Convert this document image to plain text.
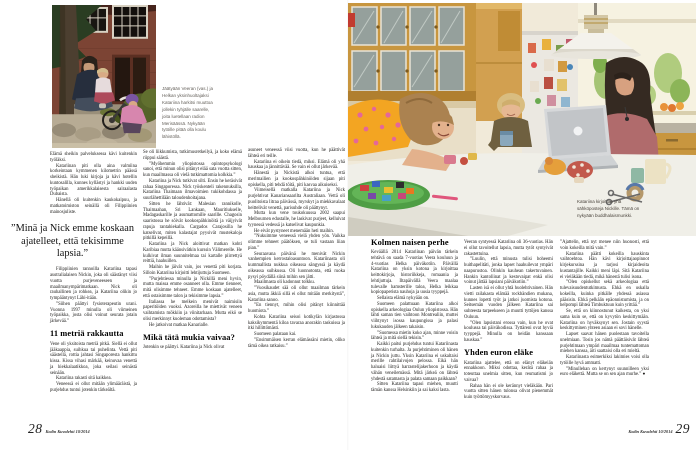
Jäätyään Veeran (vas.) ja Helkan yksinhuoltajaksi Katariina harkitsi muuttoa jollekin tyhjälle saarelle, joita luetellaan radion Merisäässä. Nykyään tytöille pitää olla koulu lähistöllä.

Elämä sheikin palveluksessa kävi kuitenkin työläksi.

Katariinan piti olla aina valmiina korkeintaan kymmenen kilometrin päässä sheikistä. Hän luki kirjoja ja kävi hotellin kuntosalilla, kunnes kyllästyi ja hankki uuden työpaikan amerikkalaisesta sairaalasta Dubaista.

Hänellä oli kuitenkin kaukokaipuu, ja matkatoimiston seinällä oli Filippiinien mainosjuliste.

”Minä ja Nick emme koskaan ajatelleet, että tekisimme lapsia.”

Filippiinien rannoilla Katariina tapasi australialaisen Nickin, joka oli säästänyt viisi vuotta purjeveneeseen ja maailmanympärimatkaan. Nick oli rauhallinen ja rohkea, ja Katariina olikin jo tympääntynyt Lähi-itään.

”Siihen päättyi fysioterapeutin urani. Vuonna 1997 minulla oli viimeinen työpaikka, josta olisi voinut seurata jotain järkevää.”

11 metriä rakkautta

Vene oli yksitoista metriä pitkä. Siellä ei ollut jääkaappia, suihkua tai puhelinta. Vettä piti säästellä, rottia jahtasi Singaporesta hankittu kissa. Kissa vihasi märkää, keinuvaa venettä ja hiekkalaatikkoa, joka seilasi seinästä seinään.

Katariina rakasti sitä kaikkea.

Veneessä ei ollut mitään ylimääräistä, ja purjehdus tuntui jotenkin tärkeältä.

Se oli liikkumista, tutkimusretkeilyä, ja koko elämä riippui säästä.

”Myöhemmin yliopistossa opintopsykologi sanoi, että minun olisi pitänyt elää sata vuotta sitten, kun maailmassa oli vielä tutkimattomia kolkkia.”

Katariina ja Nick tutkivat silti. Ensin he keräsivät rahaa Singaporessa. Nick työskenteli rakennuksilla, Katariina Thaimaan ilmavoimien tukikohdassa ja suurlähettilään taloudenhoitajana.

Sitten he lähtivät: Malesian rannikolle, Thaimaahan, Sri Lankaan, Mauritiukselle, Madagaskarille ja asumattomille saarille. Chagosin saaristossa he söivät kookospähkinöitä ja väijyivät rapuja rantahiekalla. Cargados Carajosilla he katselivat, miten kalastajat pyysivät mustekaloja pitkillä kepeillä.

Katariina ja Nick aloittivat matkan kohti Karibiaa mutta käänsivätkin kurssin Välimerelle. He kulkivat ilman suunnitelmaa tai kartalle piirrettyä reittiä, haahuillen.

Maihin he jäivät vain, jos venettä piti korjata. Silloin Katariina kirjoitti lehtijuttuja Suomeen.

”Purjehtiessa minulla ja Nickillä meni hyvin, mutta maissa emme osanneet olla. Emme tienneet, mitä olisimme tehneet. Emme koskaan ajatelleet, että ostaisimme talon ja tekisimme lapsia.”

Italiassa he melkein menivät naimisiin paperitöiden vuoksi. Azoreilla he miettivät veneen vaihtamista mökkiin ja viinitarhaan. Mutta eikö se olisi merkinnyt kuoleman odottamista?

He jatkoivat matkaa Kanarialle.

Mikä tätä mukia vaivaa?

Jotenkin se päättyi. Katariina ja Nick olivat

asuneet veneessä viisi vuotta, kun he päättivät lähteä eri teille.

Katariina ei oikein tiedä, miksi. Elämä oli yhä hauskaa ja jännittävää. Se vain ei ollut järkevää.

Hänestä ja Nickistä alkoi tuntua, että merimailien ja kookospähkinöiden sijaan piti opiskella, piti tehdä töitä, piti kasvaa aikuiseksi.

Viimeisellä matkalla Katariina ja Nick purjehtivat Kanariansaarilta Australiaan. Vettä oli puolitoista litraa päivässä, myrskyt ja miekkavalaat heittelivät venettä, parisuhde oli päättynyt.

Mutta kun vene toukokuussa 2002 saapui Melbournen edustalle, he laskivat purjeet, kelluivat tyynessä vedessä ja katselivat kaupunkia.

He eivät pystyneet menemään heti maihin.

”Nukuimme veneessä vielä yhden yön. Vaikka olimme tehneet päätöksen, se tuli vastaan liian pian.”

Seuraavana päivänä he menivät Nickin vanhempien kerrostaloasuntoon. Katariinasta oli kummallista nukkua oikeassa sängyssä ja käydä oikeassa suihkussa. Oli luonnotonta, että ruoka pysyi pöydällä siinä mihin sen jätti.

Maailmasta oli kadonnut tolkku.

”Vuosikaudet sää oli ollut maailman tärkein asia, mutta äkkiä sillä ei ollut mitään merkitystä”, Katariina sanoo.

”En tiennyt, mihin olisi pitänyt kiinnittää huomiota.”

Kohta Katariina seisoi kotikylän kirjastossa kaksikymmentä kiloa tavaraa anorakin taskuissa ja itki hillittömästi.

Suomeen palataan kai.

”Ensimmäisen kerran elämässäni mietin, oliko tämä oikea ratkaisu.”

28 Kodin Kuvalehti 10/2014
Katariina kirjoittaa yhä sähköposteja Nickille. Tämä on nykyään buddhalaismunkki.
Kolmen naisen perhe

Keväällä 2014 Katariinan päivän tärkein tehtävä on saada 7-vuotias Veera kouluun ja 4-vuotias Helka päiväkotiin. Päivällä Katariina on yksin kotona ja kirjoittaa keittokirjoja, historiikkeja, romaania ja lehtijuttuja. Iltapäivällä Veera maalaa tulevalle hamsterille taloa, Helka leikkaa kopiopaperista nauhoja ja uusia tyyppejä.

Sellaista elämä nykyään on.

Suomeen palattuaan Katariina alkoi opiskella arkeologiaa Oulun yliopistossa. Hän lähti saman tien vaihtoon Montrealiin, muttei viihtynyt isossa kaupungissa ja palasi lukukauden jälkeen takaisin.

”Suomessa mietin koko ajan, minne voisin lähteä ja mitä siellä tekisin.”

Kaikki paitsi purjehdus tuntui Katariinasta kuitenkin turhalta. Ja purjehtiminen oli hänen ja Nickin juttu. Yksin Katariina ei uskaltaisi merille rahtilaivojen pelossa. Eikä hän haluaisi liittyä harrastelijakerhoon ja käydä vähän veneilemässä. Mitä järkeä on lähteä yhdestä satamasta ja palata samaan paikkaan?

Sitten Katariina tapasi miehen, muutti tämän kanssa Helsinkiin ja sai kaksi lasta.

Veeran syntyessä Katariina oli 36-vuotias. Hän ei ollut tavoitellut lapsia, mutta tytöt syntyivät rakastettuina.

”Luulin, että minusta tulisi boheemi huithapelitäti, jonka lapset haahuilevat ympäri naapurustoa. Olinkin kauhean takertuvainen. Hankin kantoliinat ja kestovaipat enkä olisi voinut jättää lapsiani päiväkotiin.”

Lasten isä ei ollut yhtä huolehtivainen. Hän vietti railakasta elämää rockbändien mukana, kunnes lopetti työt ja jatkoi juomista kotona. Seitsemän vuoden jälkeen Katariina sai suhteesta tarpeekseen ja muutti tyttöjen kanssa Ouluun.

”Olen lapsistani erossa vain, kun he ovat koulussa tai päiväkodissa. Tyttäreni ovat hyviä tyyppejä. Minulla on heidän kanssaan hauskaa.”

Yhden euron eläke

Katariina ajattelee, että on elänyt eläkeiän ennakkoon. Miksi odottaa, kerätä rahaa ja toteuttaa unelmia sitten, kun reumatismi jo vaivaa?

Rahaa hän ei ole kerännyt vieläkään. Pari vuotta sitten hänen tulonsa olivat pienemmät kuin työttömyyskorvaus.

”Ajattelin, että nyt menee niin huonosti, että voin kokeilla mitä vain.”

Katariina päätti kokeilla hauskinta vaihtoehtoa. Hän kävi kirjoittajaopinnot kirjekurssina ja tarjosi kirjaideoita kustantajille. Kaikki meni läpi. Sitä Katariina ei vieläkään tiedä, mikä hänestä tulisi isona.

”Olen opiskellut sekä arkeologiaa että tulevaisuudentutkimusta. Ehkä en uskalla kokeilla, kuinka pitkälle yhdessä asiassa pääsisin. Ehkä pelkään epäonnistumista, ja on helpompi lähteä Timbuktuun kuin yrittää.”

Se, että on kiinnostunut kaikesta, on yksi sama kuin se, että on kyvytön keskittymään. Katariina on hyväksynyt sen. Jostain syystä keskittyminen yhteen asiaan ei sovi hänelle.

Lapset saavat hänen puolestaan tavoitella unelmiaan. Tosin jos nämä päättäisivät lähteä purjehtimaan ympäri maailmaa tuntemattoman miehen kanssa, äiti saattaisi olla eri mieltä.

Katariinasta esimerkiksi lakimies voisi olla tytöille hyvä ammatti.

”Minullehan on kertynyt suunnilleen yksi euro eläkettä. Mutta se on sen ajan murhe.” ●

Kodin Kuvalehti 10/2014 29
